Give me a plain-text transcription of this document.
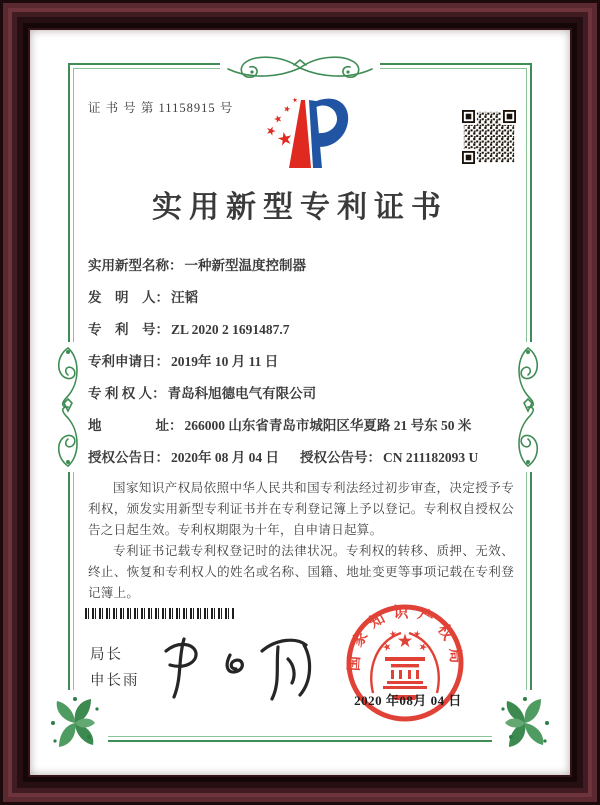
证 书 号 第 11158915 号
实用新型专利证书
实用新型名称： 一种新型温度控制器
发　明　人： 汪韬
专　利　号： ZL 2020 2 1691487.7
专利申请日： 2019年 10 月 11 日
专 利 权 人： 青岛科旭德电气有限公司
地　　　　址： 266000 山东省青岛市城阳区华夏路 21 号东 50 米
授权公告日： 2020年 08 月 04 日 授权公告号： CN 211182093 U

国家知识产权局依照中华人民共和国专利法经过初步审查，决定授予专利权，颁发实用新型专利证书并在专利登记簿上予以登记。专利权自授权公告之日起生效。专利权期限为十年，自申请日起算。

专利证书记载专利权登记时的法律状况。专利权的转移、质押、无效、终止、恢复和专利权人的姓名或名称、国籍、地址变更等事项记载在专利登记簿上。

局长
申长雨
国家知识产权局
2020 年08月 04 日
